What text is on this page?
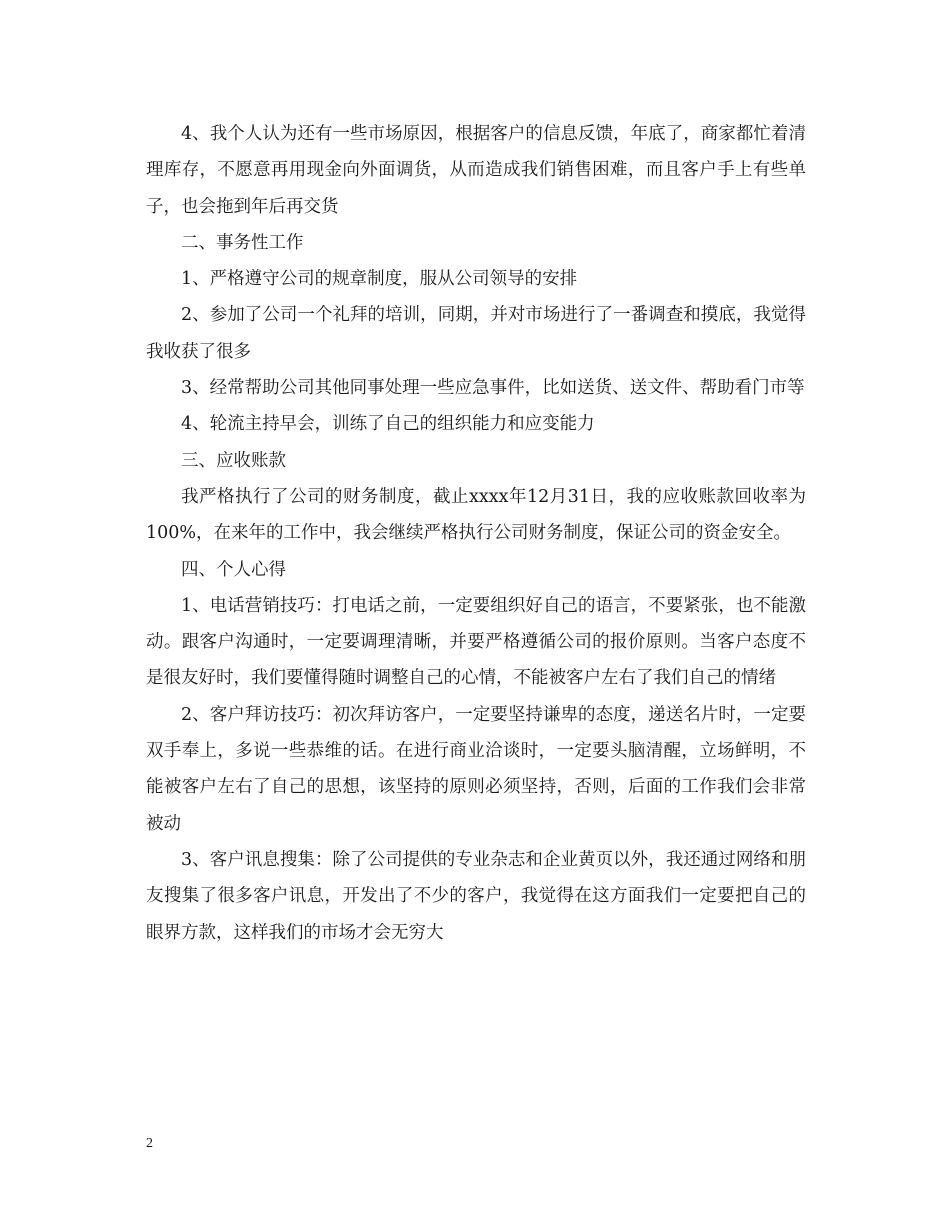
4、我个人认为还有一些市场原因，根据客户的信息反馈，年底了，商家都忙着清理库存，不愿意再用现金向外面调货，从而造成我们销售困难，而且客户手上有些单子，也会拖到年后再交货

二、事务性工作

1、严格遵守公司的规章制度，服从公司领导的安排

2、参加了公司一个礼拜的培训，同期，并对市场进行了一番调查和摸底，我觉得我收获了很多

3、经常帮助公司其他同事处理一些应急事件，比如送货、送文件、帮助看门市等

4、轮流主持早会，训练了自己的组织能力和应变能力

三、应收账款

我严格执行了公司的财务制度，截止xxxx年12月31日，我的应收账款回收率为100%，在来年的工作中，我会继续严格执行公司财务制度，保证公司的资金安全。

四、个人心得

1、电话营销技巧：打电话之前，一定要组织好自己的语言，不要紧张，也不能激动。跟客户沟通时，一定要调理清晰，并要严格遵循公司的报价原则。当客户态度不是很友好时，我们要懂得随时调整自己的心情，不能被客户左右了我们自己的情绪

2、客户拜访技巧：初次拜访客户，一定要坚持谦卑的态度，递送名片时，一定要双手奉上，多说一些恭维的话。在进行商业洽谈时，一定要头脑清醒，立场鲜明，不能被客户左右了自己的思想，该坚持的原则必须坚持，否则，后面的工作我们会非常被动

3、客户讯息搜集：除了公司提供的专业杂志和企业黄页以外，我还通过网络和朋友搜集了很多客户讯息，开发出了不少的客户，我觉得在这方面我们一定要把自己的眼界方款，这样我们的市场才会无穷大

2
